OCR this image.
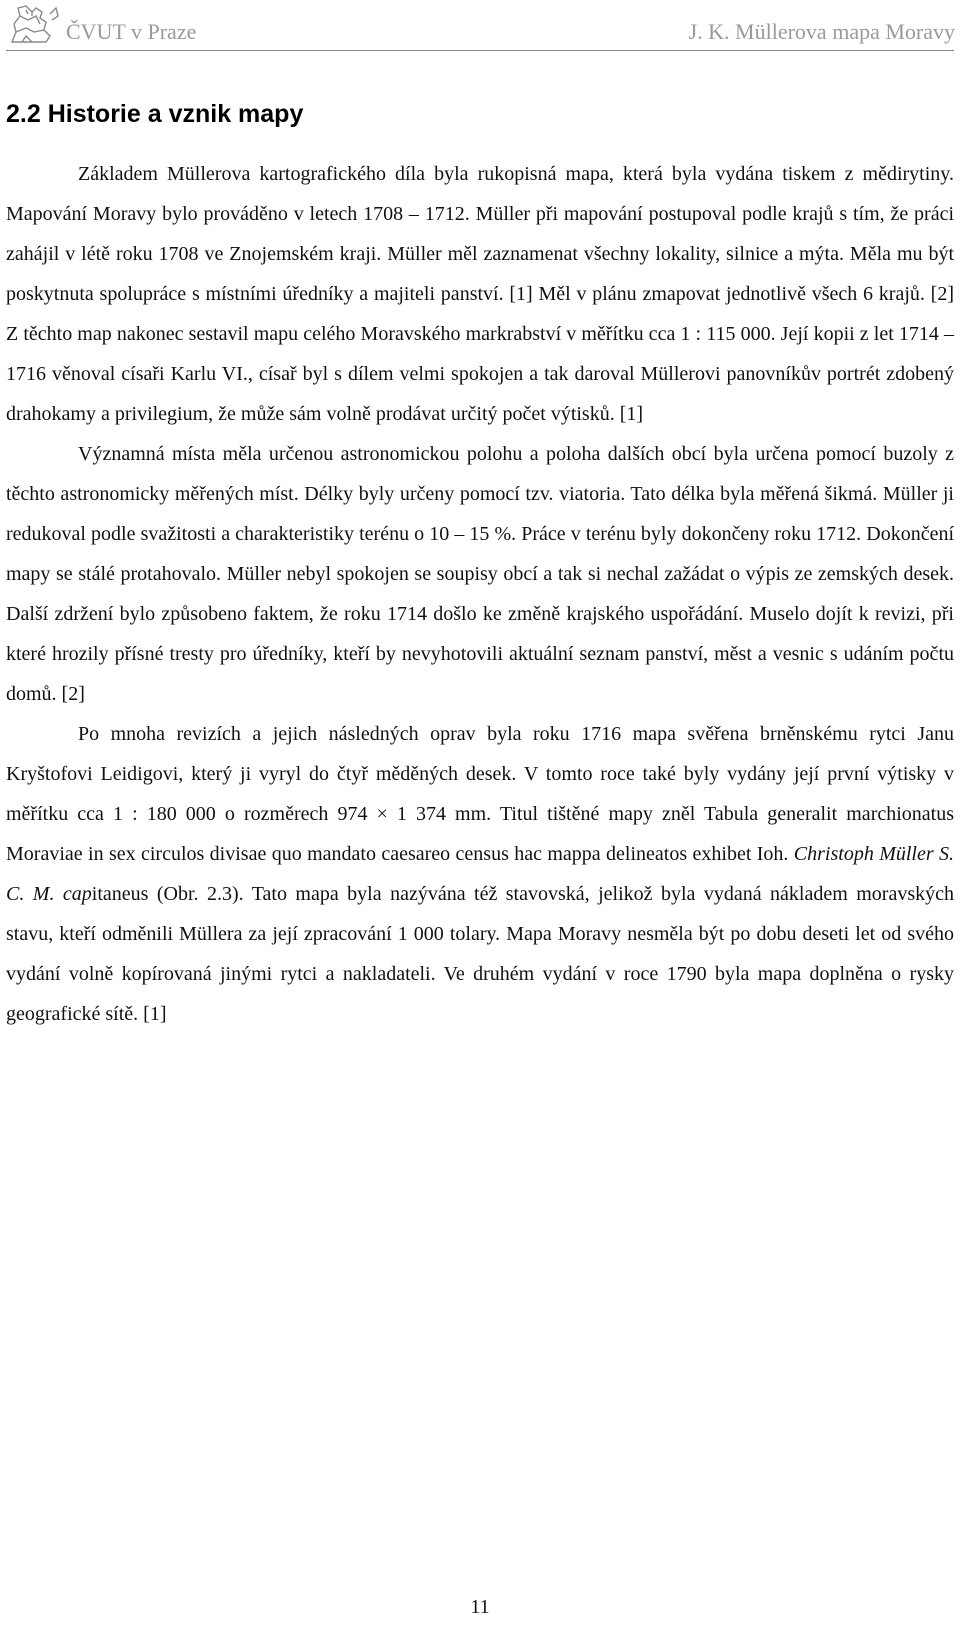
ČVUT v Praze	J. K. Müllerova mapa Moravy
2.2 Historie a vznik mapy

Základem Müllerova kartografického díla byla rukopisná mapa, která byla vydána tiskem z mědirytiny. Mapování Moravy bylo prováděno v letech 1708 – 1712. Müller při mapování postupoval podle krajů s tím, že práci zahájil v létě roku 1708 ve Znojemském kraji. Müller měl zaznamenat všechny lokality, silnice a mýta. Měla mu být poskytnuta spolupráce s místními úředníky a majiteli panství. [1] Měl v plánu zmapovat jednotlivě všech 6 krajů. [2] Z těchto map nakonec sestavil mapu celého Moravského markrabství v měřítku cca 1 : 115 000. Její kopii z let 1714 – 1716 věnoval císaři Karlu VI., císař byl s dílem velmi spokojen a tak daroval Müllerovi panovníkův portrét zdobený drahokamy a privilegium, že může sám volně prodávat určitý počet výtisků. [1]

Významná místa měla určenou astronomickou polohu a poloha dalších obcí byla určena pomocí buzoly z těchto astronomicky měřených míst. Délky byly určeny pomocí tzv. viatoria. Tato délka byla měřená šikmá. Müller ji redukoval podle svažitosti a charakteristiky terénu o 10 – 15 %. Práce v terénu byly dokončeny roku 1712. Dokončení mapy se stálé protahovalo. Müller nebyl spokojen se soupisy obcí a tak si nechal zažádat o výpis ze zemských desek. Další zdržení bylo způsobeno faktem, že roku 1714 došlo ke změně krajského uspořádání. Muselo dojít k revizi, při které hrozily přísné tresty pro úředníky, kteří by nevyhotovili aktuální seznam panství, měst a vesnic s udáním počtu domů. [2]

Po mnoha revizích a jejich následných oprav byla roku 1716 mapa svěřena brněnskému rytci Janu Kryštofovi Leidigovi, který ji vyryl do čtyř měděných desek. V tomto roce také byly vydány její první výtisky v měřítku cca 1 : 180 000 o rozměrech 974 × 1 374 mm. Titul tištěné mapy zněl Tabula generalit marchionatus Moraviae in sex circulos divisae quo mandato caesareo census hac mappa delineatos exhibet Ioh. Christoph Müller S. C. M. capitaneus (Obr. 2.3). Tato mapa byla nazývána též stavovská, jelikož byla vydaná nákladem moravských stavu, kteří odměnili Müllera za její zpracování 1 000 tolary. Mapa Moravy nesměla být po dobu deseti let od svého vydání volně kopírovaná jinými rytci a nakladateli. Ve druhém vydání v roce 1790 byla mapa doplněna o rysky geografické sítě. [1]

11
